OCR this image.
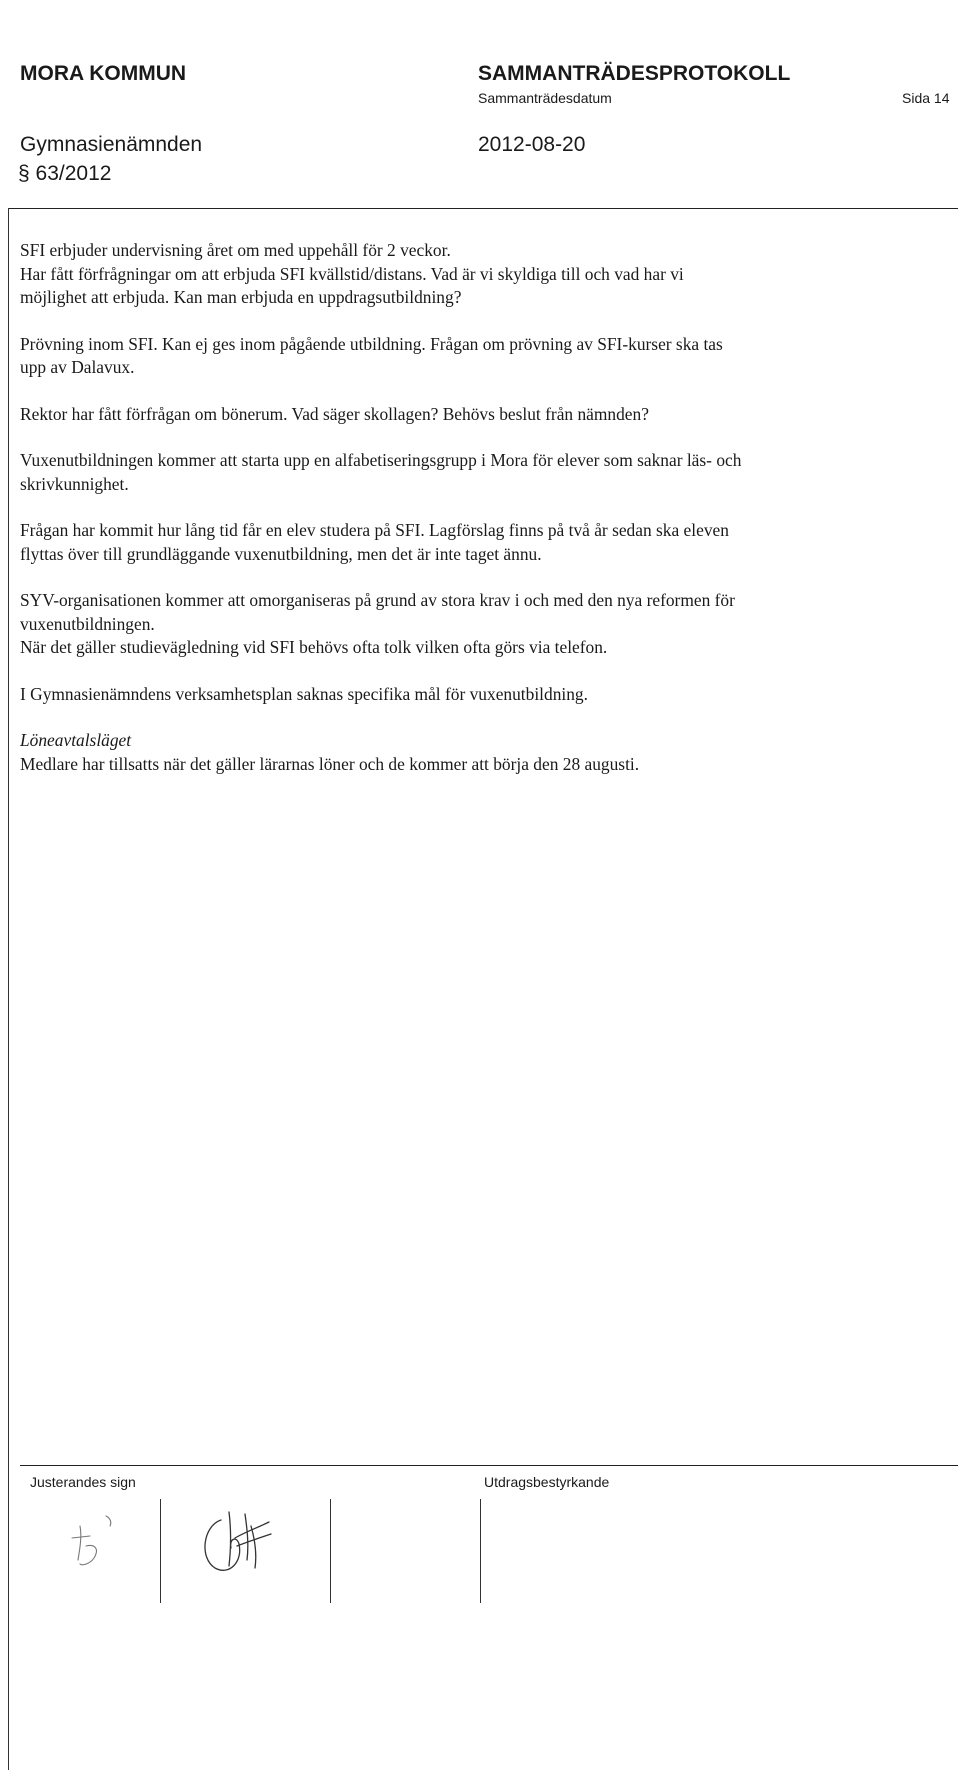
MORA KOMMUN	SAMMANTRÄDESPROTOKOLL
Sammanträdesdatum	Sida 14
Gymnasienämnden	2012-08-20
§ 63/2012

SFI erbjuder undervisning året om med uppehåll för 2 veckor.
Har fått förfrågningar om att erbjuda SFI kvällstid/distans. Vad är vi skyldiga till och vad har vi
möjlighet att erbjuda. Kan man erbjuda en uppdragsutbildning?

Prövning inom SFI. Kan ej ges inom pågående utbildning. Frågan om prövning av SFI-kurser ska tas
upp av Dalavux.

Rektor har fått förfrågan om bönerum. Vad säger skollagen? Behövs beslut från nämnden?

Vuxenutbildningen kommer att starta upp en alfabetiseringsgrupp i Mora för elever som saknar läs- och
skrivkunnighet.

Frågan har kommit hur lång tid får en elev studera på SFI. Lagförslag finns på två år sedan ska eleven
flyttas över till grundläggande vuxenutbildning, men det är inte taget ännu.

SYV-organisationen kommer att omorganiseras på grund av stora krav i och med den nya reformen för
vuxenutbildningen.

När det gäller studievägledning vid SFI behövs ofta tolk vilken ofta görs via telefon.

I Gymnasienämndens verksamhetsplan saknas specifika mål för vuxenutbildning.

Löneavtalsläget
Medlare har tillsatts när det gäller lärarnas löner och de kommer att börja den 28 augusti.

Justerandes sign	Utdragsbestyrkande
